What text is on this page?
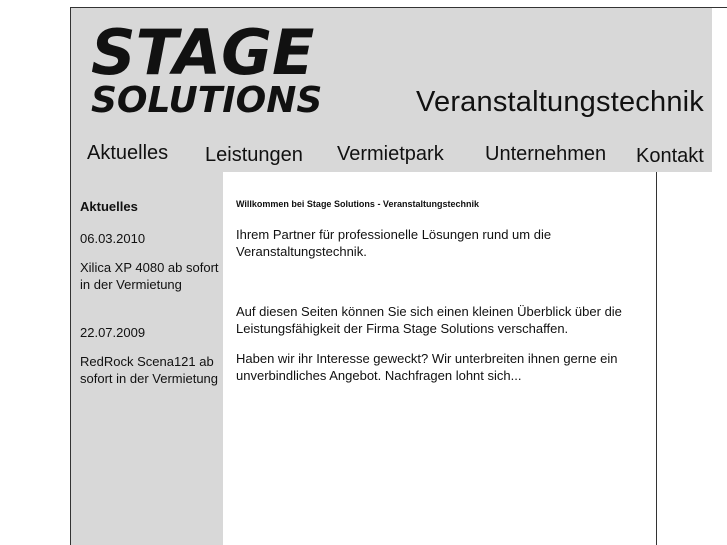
STAGE
SOLUTIONS	Veranstaltungstechnik
Aktuelles Leistungen Vermietpark Unternehmen Kontakt
Aktuelles
06.03.2010
Xilica XP 4080 ab sofort in der Vermietung
22.07.2009
RedRock Scena121 ab sofort in der Vermietung
Willkommen bei Stage Solutions - Veranstaltungstechnik
Ihrem Partner für professionelle Lösungen rund um die Veranstaltungstechnik.
Auf diesen Seiten können Sie sich einen kleinen Überblick über die Leistungsfähigkeit der Firma Stage Solutions verschaffen.
Haben wir ihr Interesse geweckt? Wir unterbreiten ihnen gerne ein unverbindliches Angebot. Nachfragen lohnt sich...
